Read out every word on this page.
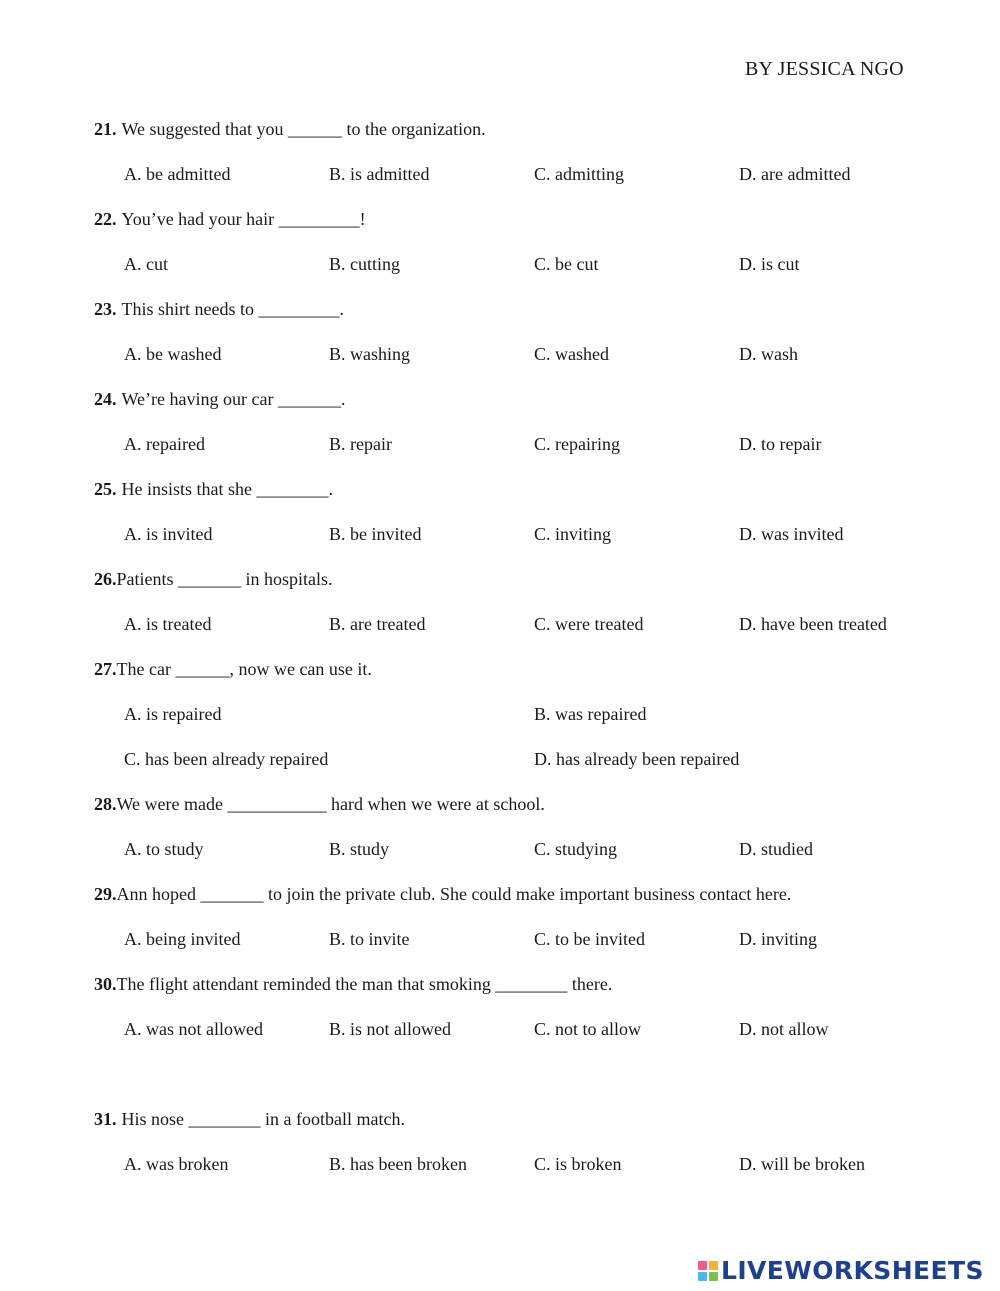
BY JESSICA NGO
21. We suggested that you ______ to the organization.
A. be admitted	B. is admitted	C. admitting	D. are admitted
22. You’ve had your hair _________!
A. cut	B. cutting	C. be cut	D. is cut
23. This shirt needs to _________.
A. be washed	B. washing	C. washed	D. wash
24. We’re having our car _______.
A. repaired	B. repair	C. repairing	D. to repair
25. He insists that she ________.
A. is invited	B. be invited	C. inviting	D. was invited
26.Patients _______ in hospitals.
A. is treated	B. are treated	C. were treated	D. have been treated
27.The car ______, now we can use it.
A. is repaired	B. was repaired
C. has been already repaired	D. has already been repaired
28.We were made ___________ hard when we were at school.
A. to study	B. study	C. studying	D. studied
29.Ann hoped _______ to join the private club. She could make important business contact here.
A. being invited	B. to invite	C. to be invited	D. inviting
30.The flight attendant reminded the man that smoking ________ there.
A. was not allowed	B. is not allowed	C. not to allow	D. not allow
31. His nose ________ in a football match.
A. was broken	B. has been broken	C. is broken	D. will be broken
LIVEWORKSHEETS
